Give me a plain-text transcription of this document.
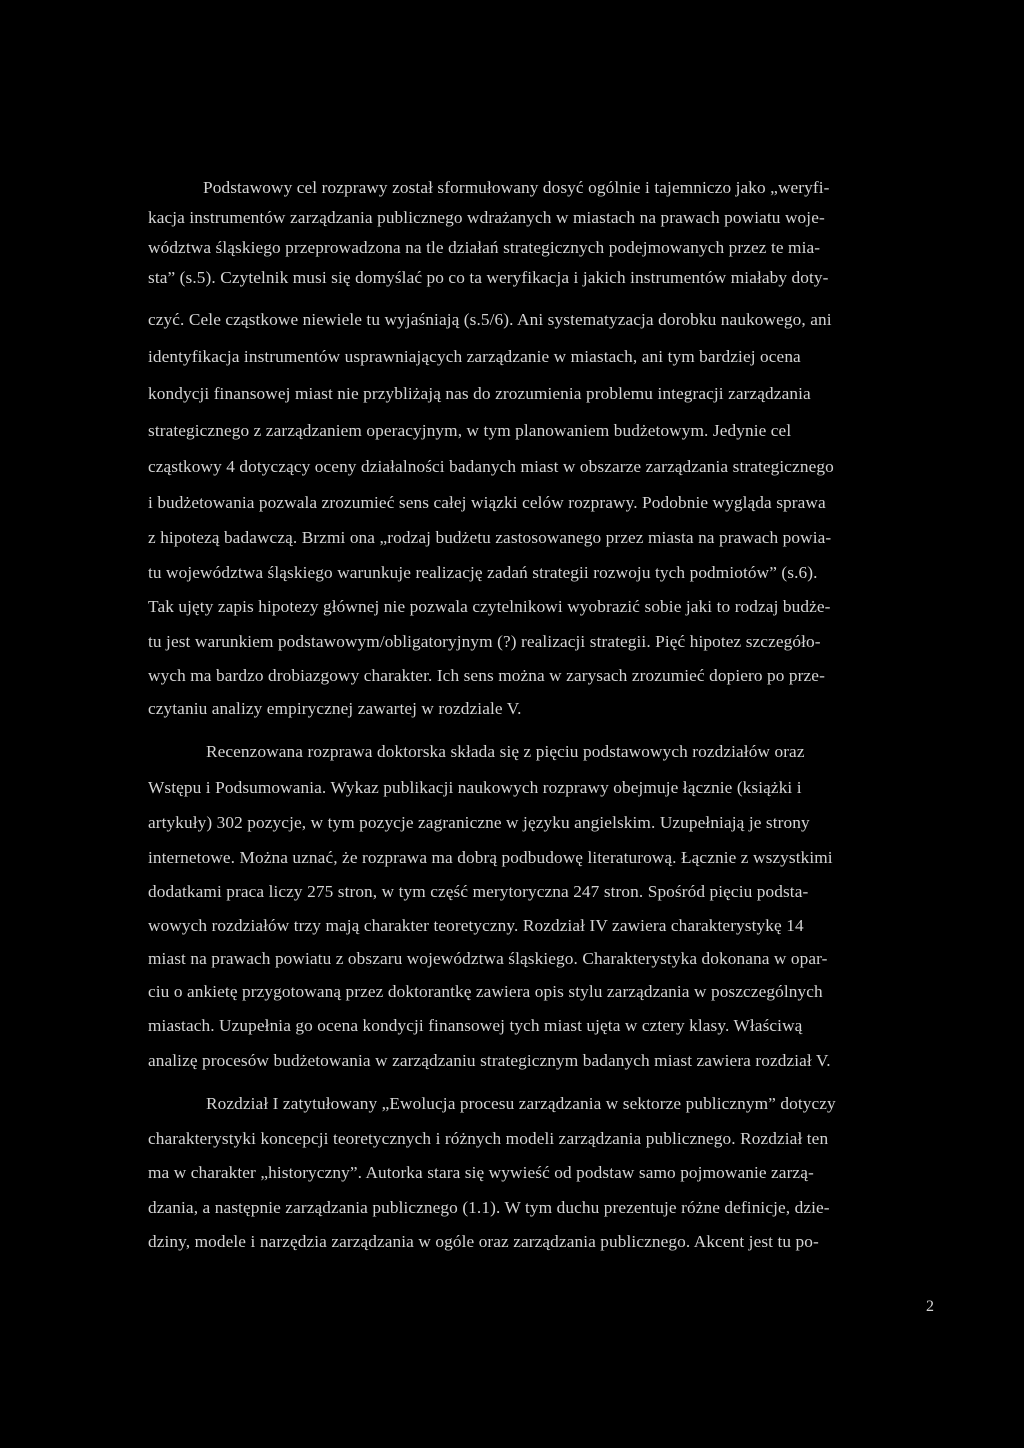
Podstawowy cel rozprawy został sformułowany dosyć ogólnie i tajemniczo jako „weryfi-
kacja instrumentów zarządzania publicznego wdrażanych w miastach na prawach powiatu woje-
wództwa śląskiego przeprowadzona na tle działań strategicznych podejmowanych przez te mia-
sta” (s.5). Czytelnik musi się domyślać po co ta weryfikacja i jakich instrumentów miałaby doty-
czyć. Cele cząstkowe niewiele tu wyjaśniają (s.5/6). Ani systematyzacja dorobku naukowego, ani
identyfikacja instrumentów usprawniających zarządzanie w miastach, ani tym bardziej ocena
kondycji finansowej miast nie przybliżają nas do zrozumienia problemu integracji zarządzania
strategicznego z zarządzaniem operacyjnym, w tym planowaniem budżetowym. Jedynie cel
cząstkowy 4 dotyczący oceny działalności badanych miast w obszarze zarządzania strategicznego
i budżetowania pozwala zrozumieć sens całej wiązki celów rozprawy. Podobnie wygląda sprawa
z hipotezą badawczą. Brzmi ona „rodzaj budżetu zastosowanego przez miasta na prawach powia-
tu województwa śląskiego warunkuje realizację zadań strategii rozwoju tych podmiotów” (s.6).
Tak ujęty zapis hipotezy głównej nie pozwala czytelnikowi wyobrazić sobie jaki to rodzaj budże-
tu jest warunkiem podstawowym/obligatoryjnym (?) realizacji strategii. Pięć hipotez szczegóło-
wych ma bardzo drobiazgowy charakter. Ich sens można w zarysach zrozumieć dopiero po prze-
czytaniu analizy empirycznej zawartej w rozdziale V.
Recenzowana rozprawa doktorska składa się z pięciu podstawowych rozdziałów oraz
Wstępu i Podsumowania. Wykaz publikacji naukowych rozprawy obejmuje łącznie (książki i
artykuły) 302 pozycje, w tym pozycje zagraniczne w języku angielskim. Uzupełniają je strony
internetowe. Można uznać, że rozprawa ma dobrą podbudowę literaturową. Łącznie z wszystkimi
dodatkami praca liczy 275 stron, w tym część merytoryczna 247 stron. Spośród pięciu podsta-
wowych rozdziałów trzy mają charakter teoretyczny. Rozdział IV zawiera charakterystykę 14
miast na prawach powiatu z obszaru województwa śląskiego. Charakterystyka dokonana w opar-
ciu o ankietę przygotowaną przez doktorantkę zawiera opis stylu zarządzania w poszczególnych
miastach. Uzupełnia go ocena kondycji finansowej tych miast ujęta w cztery klasy. Właściwą
analizę procesów budżetowania w zarządzaniu strategicznym badanych miast zawiera rozdział V.
Rozdział I zatytułowany „Ewolucja procesu zarządzania w sektorze publicznym” dotyczy
charakterystyki koncepcji teoretycznych i różnych modeli zarządzania publicznego. Rozdział ten
ma w charakter „historyczny”. Autorka stara się wywieść od podstaw samo pojmowanie zarzą-
dzania, a następnie zarządzania publicznego (1.1). W tym duchu prezentuje różne definicje, dzie-
dziny, modele i narzędzia zarządzania w ogóle oraz zarządzania publicznego. Akcent jest tu po-
2
